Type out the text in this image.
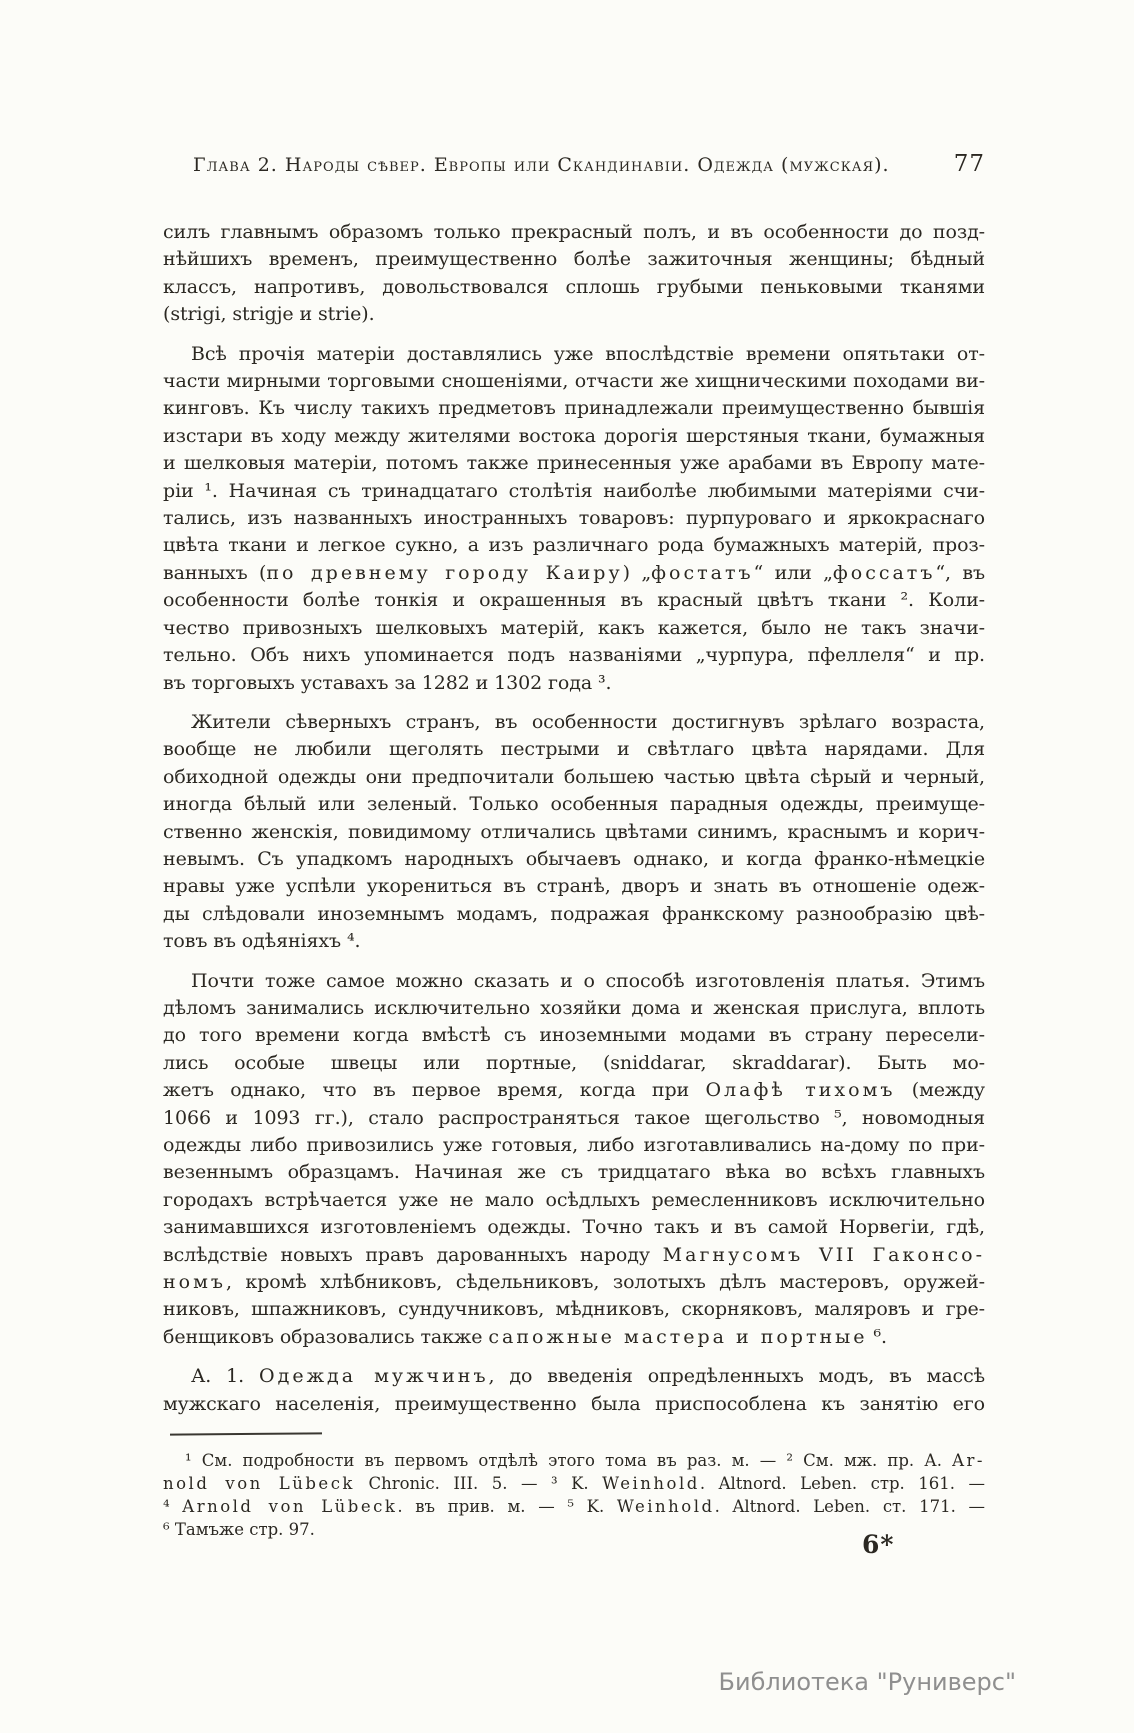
Глава 2. Народы сѣвер. Европы или Скандинавіи. Одежда (мужская).	77
силъ главнымъ образомъ только прекрасный полъ, и въ особенности до позд-
нѣйшихъ временъ, преимущественно болѣе зажиточныя женщины; бѣдный
классъ, напротивъ, довольствовался сплошь грубыми пеньковыми тканями
(strigi, strigje и strie).
Всѣ прочія матеріи доставлялись уже впослѣдствіе времени опятьтаки от-
части мирными торговыми сношеніями, отчасти же хищническими походами ви-
кинговъ. Къ числу такихъ предметовъ принадлежали преимущественно бывшія
изстари въ ходу между жителями востока дорогія шерстяныя ткани, бумажныя
и шелковыя матеріи, потомъ также принесенныя уже арабами въ Европу мате-
ріи ¹. Начиная съ тринадцатаго столѣтія наиболѣе любимыми матеріями счи-
тались, изъ названныхъ иностранныхъ товаровъ: пурпуроваго и яркокраснаго
цвѣта ткани и легкое сукно, а изъ различнаго рода бумажныхъ матерій, проз-
ванныхъ (по древнему городу Каиру) „фостатъ“ или „фоссатъ“, въ
особенности болѣе тонкія и окрашенныя въ красный цвѣтъ ткани ². Коли-
чество привозныхъ шелковыхъ матерій, какъ кажется, было не такъ значи-
тельно. Объ нихъ упоминается подъ названіями „чурпура, пфеллеля“ и пр.
въ торговыхъ уставахъ за 1282 и 1302 года ³.
Жители сѣверныхъ странъ, въ особенности достигнувъ зрѣлаго возраста,
вообще не любили щеголять пестрыми и свѣтлаго цвѣта нарядами. Для
обиходной одежды они предпочитали большею частью цвѣта сѣрый и черный,
иногда бѣлый или зеленый. Только особенныя парадныя одежды, преимуще-
ственно женскія, повидимому отличались цвѣтами синимъ, краснымъ и корич-
невымъ. Съ упадкомъ народныхъ обычаевъ однако, и когда франко-нѣмецкіе
нравы уже успѣли укорениться въ странѣ, дворъ и знать въ отношеніе одеж-
ды слѣдовали иноземнымъ модамъ, подражая франкскому разнообразію цвѣ-
товъ въ одѣяніяхъ ⁴.
Почти тоже самое можно сказать и о способѣ изготовленія платья. Этимъ
дѣломъ занимались исключительно хозяйки дома и женская прислуга, вплоть
до того времени когда вмѣстѣ съ иноземными модами въ страну пересели-
лись особые швецы или портные, (sniddarar, skraddarar). Быть мо-
жетъ однако, что въ первое время, когда при Олафѣ тихомъ (между
1066 и 1093 гг.), стало распространяться такое щегольство ⁵, новомодныя
одежды либо привозились уже готовыя, либо изготавливались на-дому по при-
везеннымъ образцамъ. Начиная же съ тридцатаго вѣка во всѣхъ главныхъ
городахъ встрѣчается уже не мало осѣдлыхъ ремесленниковъ исключительно
занимавшихся изготовленіемъ одежды. Точно такъ и въ самой Норвегіи, гдѣ,
вслѣдствіе новыхъ правъ дарованныхъ народу Магнусомъ VII Гаконсо-
номъ, кромѣ хлѣбниковъ, сѣдельниковъ, золотыхъ дѣлъ мастеровъ, оружей-
никовъ, шпажниковъ, сундучниковъ, мѣдниковъ, скорняковъ, маляровъ и гре-
бенщиковъ образовались также сапожные мастера и портные ⁶.
А. 1. Одежда мужчинъ, до введенія опредѣленныхъ модъ, въ массѣ
мужскаго населенія, преимущественно была приспособлена къ занятію его
¹ См. подробности въ первомъ отдѣлѣ этого тома въ раз. м. — ² См. мж. пр. А. Ar-
nold von Lübeck Chronic. III. 5. — ³ K. Weinhold. Altnord. Leben. стр. 161. —
⁴ Arnold von Lübeck. въ прив. м. — ⁵ K. Weinhold. Altnord. Leben. ст. 171. —
⁶ Тамъже стр. 97.
6*
Библиотека "Руниверс"
